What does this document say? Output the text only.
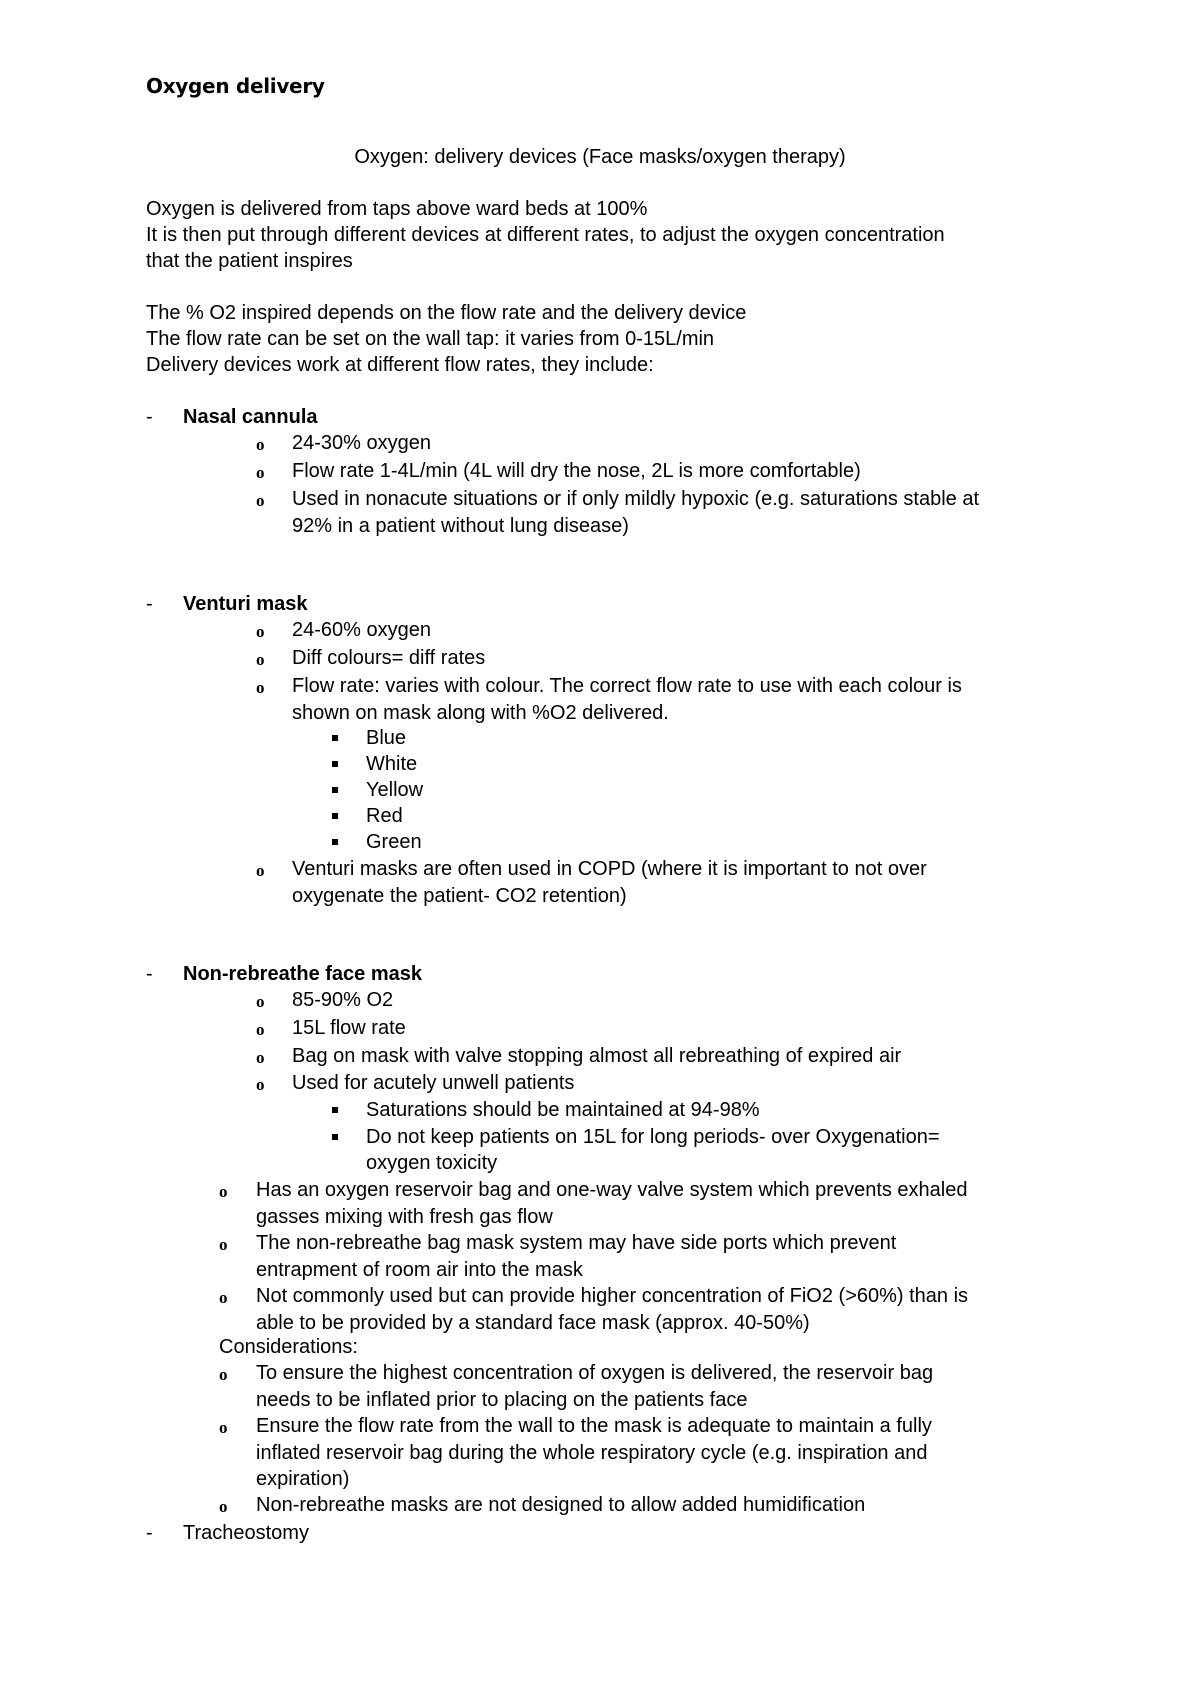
Oxygen delivery

Oxygen: delivery devices (Face masks/oxygen therapy)

Oxygen is delivered from taps above ward beds at 100%

It is then put through different devices at different rates, to adjust the oxygen concentration

that the patient inspires

The % O2 inspired depends on the flow rate and the delivery device

The flow rate can be set on the wall tap: it varies from 0-15L/min

Delivery devices work at different flow rates, they include:

- Nasal cannula

o 24-30% oxygen

o Flow rate 1-4L/min (4L will dry the nose, 2L is more comfortable)

o Used in nonacute situations or if only mildly hypoxic (e.g. saturations stable at

92% in a patient without lung disease)

- Venturi mask

o 24-60% oxygen

o Diff colours= diff rates

o Flow rate: varies with colour. The correct flow rate to use with each colour is

shown on mask along with %O2 delivered.

Blue

White

Yellow

Red

Green

o Venturi masks are often used in COPD (where it is important to not over

oxygenate the patient- CO2 retention)

- Non-rebreathe face mask

o 85-90% O2

o 15L flow rate

o Bag on mask with valve stopping almost all rebreathing of expired air

o Used for acutely unwell patients

Saturations should be maintained at 94-98%

Do not keep patients on 15L for long periods- over Oxygenation=

oxygen toxicity

o Has an oxygen reservoir bag and one-way valve system which prevents exhaled

gasses mixing with fresh gas flow

o The non-rebreathe bag mask system may have side ports which prevent

entrapment of room air into the mask

o Not commonly used but can provide higher concentration of FiO2 (>60%) than is

able to be provided by a standard face mask (approx. 40-50%)

Considerations:

o To ensure the highest concentration of oxygen is delivered, the reservoir bag

needs to be inflated prior to placing on the patients face

o Ensure the flow rate from the wall to the mask is adequate to maintain a fully

inflated reservoir bag during the whole respiratory cycle (e.g. inspiration and

expiration)

o Non-rebreathe masks are not designed to allow added humidification

- Tracheostomy
